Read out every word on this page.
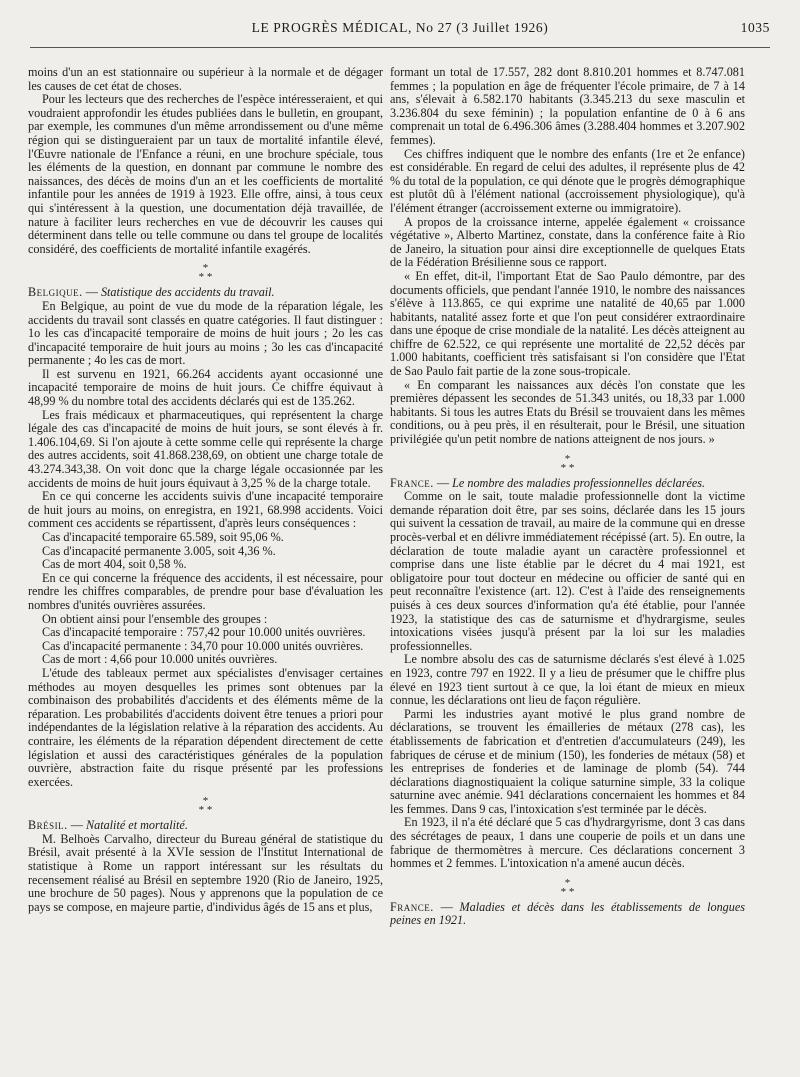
LE PROGRÈS MÉDICAL, No 27 (3 Juillet 1926)	1035

moins d'un an est stationnaire ou supérieur à la normale et de dégager les causes de cet état de choses.

Pour les lecteurs que des recherches de l'espèce intéresseraient, et qui voudraient approfondir les études publiées dans le bulletin, en groupant, par exemple, les communes d'un même arrondissement ou d'une même région qui se distingueraient par un taux de mortalité infantile élevé, l'Œuvre nationale de l'Enfance a réuni, en une brochure spéciale, tous les éléments de la question, en donnant par commune le nombre des naissances, des décès de moins d'un an et les coefficients de mortalité infantile pour les années de 1919 à 1923. Elle offre, ainsi, à tous ceux qui s'intéressent à la question, une documentation déjà travaillée, de nature à faciliter leurs recherches en vue de découvrir les causes qui déterminent dans telle ou telle commune ou dans tel groupe de localités considéré, des coefficients de mortalité infantile exagérés.

*
* *

Belgique. — Statistique des accidents du travail.

En Belgique, au point de vue du mode de la réparation légale, les accidents du travail sont classés en quatre catégories. Il faut distinguer : 1o les cas d'incapacité temporaire de moins de huit jours ; 2o les cas d'incapacité temporaire de huit jours au moins ; 3o les cas d'incapacité permanente ; 4o les cas de mort.

Il est survenu en 1921, 66.264 accidents ayant occasionné une incapacité temporaire de moins de huit jours. Ce chiffre équivaut à 48,99 % du nombre total des accidents déclarés qui est de 135.262.

Les frais médicaux et pharmaceutiques, qui représentent la charge légale des cas d'incapacité de moins de huit jours, se sont élevés à fr. 1.406.104,69. Si l'on ajoute à cette somme celle qui représente la charge des autres accidents, soit 41.868.238,69, on obtient une charge totale de 43.274.343,38. On voit donc que la charge légale occasionnée par les accidents de moins de huit jours équivaut à 3,25 % de la charge totale.

En ce qui concerne les accidents suivis d'une incapacité temporaire de huit jours au moins, on enregistra, en 1921, 68.998 accidents. Voici comment ces accidents se répartissent, d'après leurs conséquences :

Cas d'incapacité temporaire 65.589, soit 95,06 %.

Cas d'incapacité permanente 3.005, soit 4,36 %.

Cas de mort 404, soit 0,58 %.

En ce qui concerne la fréquence des accidents, il est nécessaire, pour rendre les chiffres comparables, de prendre pour base d'évaluation les nombres d'unités ouvrières assurées.

On obtient ainsi pour l'ensemble des groupes :

Cas d'incapacité temporaire : 757,42 pour 10.000 unités ouvrières.

Cas d'incapacité permanente : 34,70 pour 10.000 unités ouvrières.

Cas de mort : 4,66 pour 10.000 unités ouvrières.

L'étude des tableaux permet aux spécialistes d'envisager certaines méthodes au moyen desquelles les primes sont obtenues par la combinaison des probabilités d'accidents et des éléments même de la réparation. Les probabilités d'accidents doivent être tenues a priori pour indépendantes de la législation relative à la réparation des accidents. Au contraire, les éléments de la réparation dépendent directement de cette législation et aussi des caractéristiques générales de la population ouvrière, abstraction faite du risque présenté par les professions exercées.

*
* *

Brésil. — Natalité et mortalité.

M. Belhoès Carvalho, directeur du Bureau général de statistique du Brésil, avait présenté à la XVIe session de l'Institut International de statistique à Rome un rapport intéressant sur les résultats du recensement réalisé au Brésil en septembre 1920 (Rio de Janeiro, 1925, une brochure de 50 pages). Nous y apprenons que la population de ce pays se compose, en majeure partie, d'individus âgés de 15 ans et plus,

formant un total de 17.557, 282 dont 8.810.201 hommes et 8.747.081 femmes ; la population en âge de fréquenter l'école primaire, de 7 à 14 ans, s'élevait à 6.582.170 habitants (3.345.213 du sexe masculin et 3.236.804 du sexe féminin) ; la population enfantine de 0 à 6 ans comprenait un total de 6.496.306 âmes (3.288.404 hommes et 3.207.902 femmes).

Ces chiffres indiquent que le nombre des enfants (1re et 2e enfance) est considérable. En regard de celui des adultes, il représente plus de 42 % du total de la population, ce qui dénote que le progrès démographique est plutôt dû à l'élément national (accroissement physiologique), qu'à l'élément étranger (accroissement externe ou immigratoire).

A propos de la croissance interne, appelée également « croissance végétative », Alberto Martinez, constate, dans la conférence faite à Rio de Janeiro, la situation pour ainsi dire exceptionnelle de quelques Etats de la Fédération Brésilienne sous ce rapport.

« En effet, dit-il, l'important Etat de Sao Paulo démontre, par des documents officiels, que pendant l'année 1910, le nombre des naissances s'élève à 113.865, ce qui exprime une natalité de 40,65 par 1.000 habitants, natalité assez forte et que l'on peut considérer extraordinaire dans une époque de crise mondiale de la natalité. Les décès atteignent au chiffre de 62.522, ce qui représente une mortalité de 22,52 décès par 1.000 habitants, coefficient très satisfaisant si l'on considère que l'Etat de Sao Paulo fait partie de la zone sous-tropicale.

« En comparant les naissances aux décès l'on constate que les premières dépassent les secondes de 51.343 unités, ou 18,33 par 1.000 habitants. Si tous les autres Etats du Brésil se trouvaient dans les mêmes conditions, ou à peu près, il en résulterait, pour le Brésil, une situation privilégiée qu'un petit nombre de nations atteignent de nos jours. »

*
* *

France. — Le nombre des maladies professionnelles déclarées.

Comme on le sait, toute maladie professionnelle dont la victime demande réparation doit être, par ses soins, déclarée dans les 15 jours qui suivent la cessation de travail, au maire de la commune qui en dresse procès-verbal et en délivre immédiatement récépissé (art. 5). En outre, la déclaration de toute maladie ayant un caractère professionnel et comprise dans une liste établie par le décret du 4 mai 1921, est obligatoire pour tout docteur en médecine ou officier de santé qui en peut reconnaître l'existence (art. 12). C'est à l'aide des renseignements puisés à ces deux sources d'information qu'a été établie, pour l'année 1923, la statistique des cas de saturnisme et d'hydrargisme, seules intoxications visées jusqu'à présent par la loi sur les maladies professionnelles.

Le nombre absolu des cas de saturnisme déclarés s'est élevé à 1.025 en 1923, contre 797 en 1922. Il y a lieu de présumer que le chiffre plus élevé en 1923 tient surtout à ce que, la loi étant de mieux en mieux connue, les déclarations ont lieu de façon régulière.

Parmi les industries ayant motivé le plus grand nombre de déclarations, se trouvent les émailleries de métaux (278 cas), les établissements de fabrication et d'entretien d'accumulateurs (249), les fabriques de céruse et de minium (150), les fonderies de métaux (58) et les entreprises de fonderies et de laminage de plomb (54). 744 déclarations diagnostiquaient la colique saturnine simple, 33 la colique saturnine avec anémie. 941 déclarations concernaient les hommes et 84 les femmes. Dans 9 cas, l'intoxication s'est terminée par le décès.

En 1923, il n'a été déclaré que 5 cas d'hydrargyrisme, dont 3 cas dans des sécrétages de peaux, 1 dans une couperie de poils et un dans une fabrique de thermomètres à mercure. Ces déclarations concernent 3 hommes et 2 femmes. L'intoxication n'a amené aucun décès.

*
* *

France. — Maladies et décès dans les établissements de longues peines en 1921.
